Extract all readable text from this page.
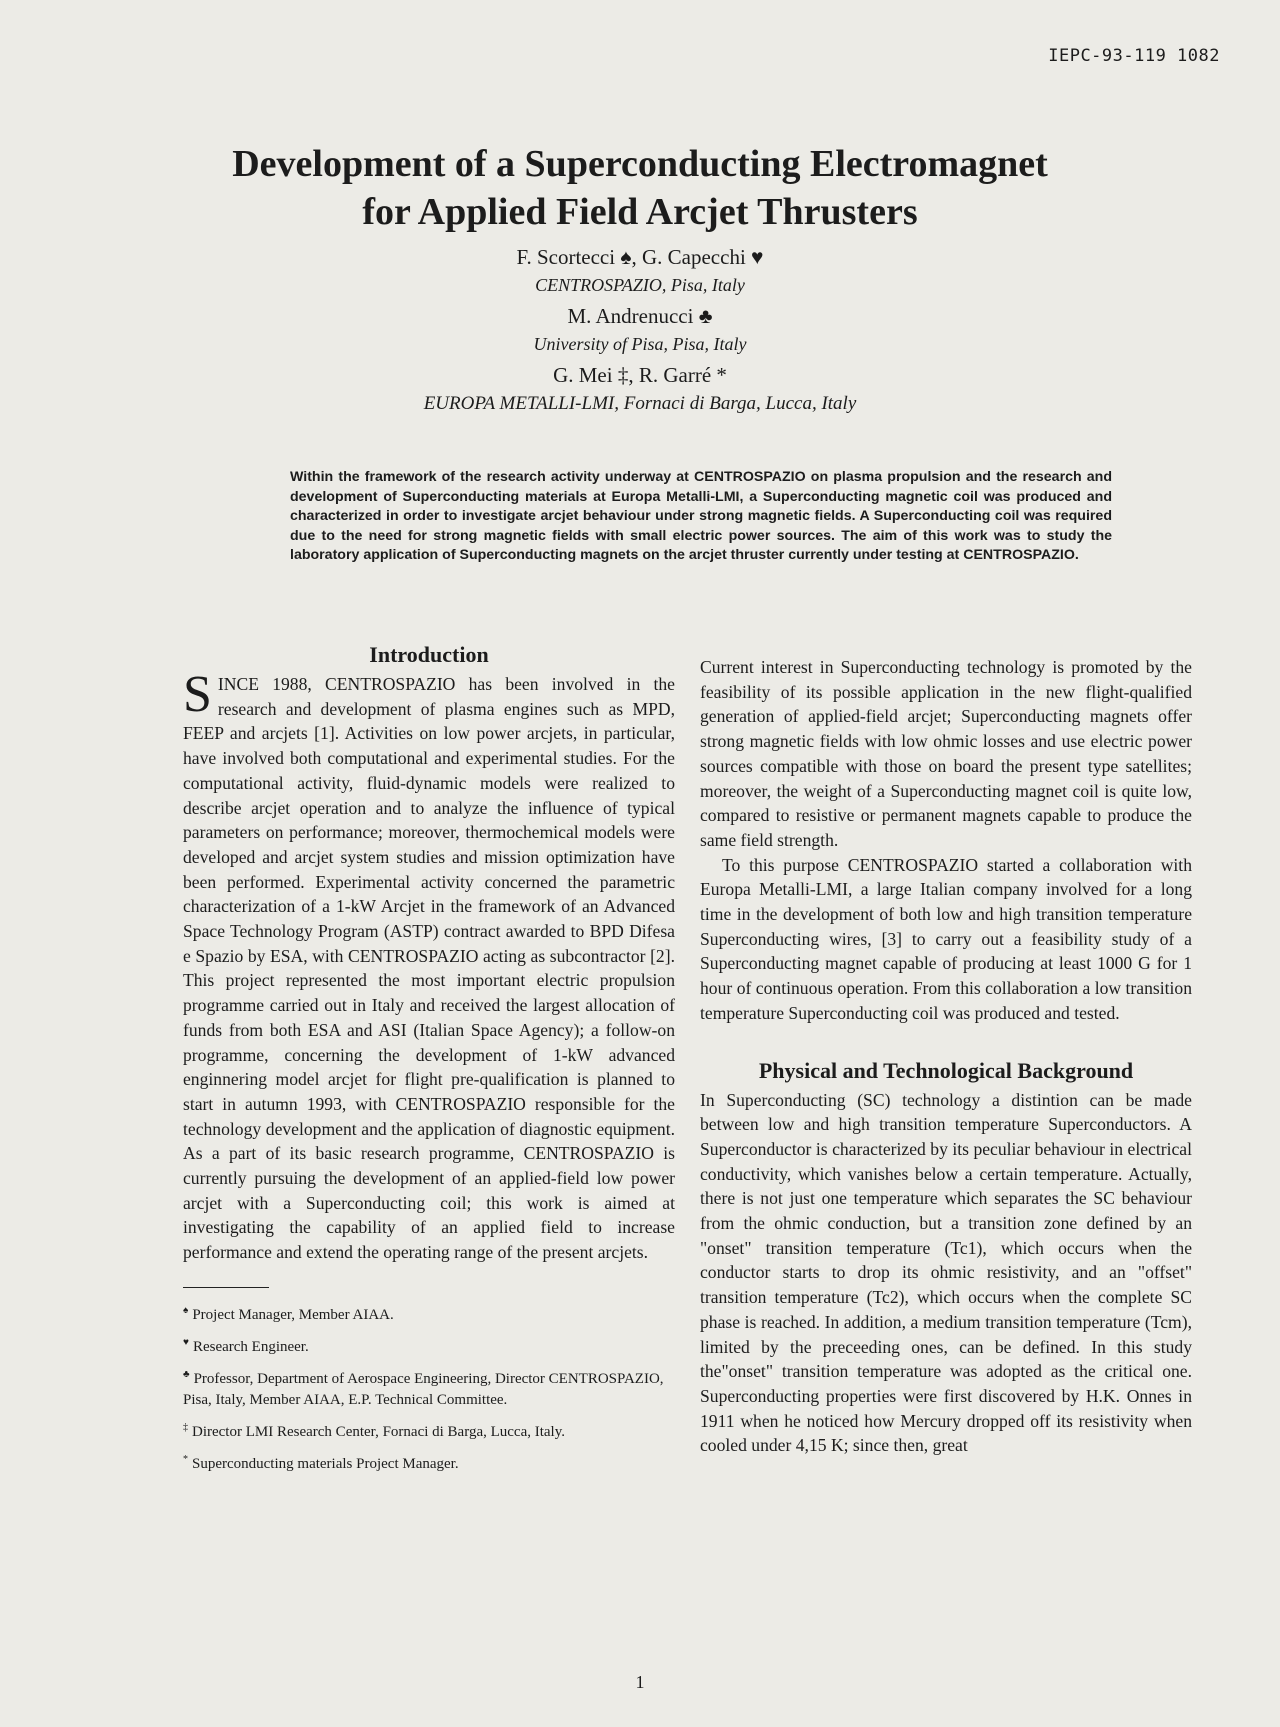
IEPC-93-119 1082
Development of a Superconducting Electromagnet
for Applied Field Arcjet Thrusters
F. Scortecci ♠, G. Capecchi ♥
CENTROSPAZIO, Pisa, Italy
M. Andrenucci ♣
University of Pisa, Pisa, Italy
G. Mei ‡, R. Garré *
EUROPA METALLI-LMI, Fornaci di Barga, Lucca, Italy
Within the framework of the research activity underway at CENTROSPAZIO on plasma propulsion and the research and development of Superconducting materials at Europa Metalli-LMI, a Superconducting magnetic coil was produced and characterized in order to investigate arcjet behaviour under strong magnetic fields. A Superconducting coil was required due to the need for strong magnetic fields with small electric power sources. The aim of this work was to study the laboratory application of Superconducting magnets on the arcjet thruster currently under testing at CENTROSPAZIO.
Introduction

SINCE 1988, CENTROSPAZIO has been involved in the research and development of plasma engines such as MPD, FEEP and arcjets [1]. Activities on low power arcjets, in particular, have involved both computational and experimental studies. For the computational activity, fluid-dynamic models were realized to describe arcjet operation and to analyze the influence of typical parameters on performance; moreover, thermochemical models were developed and arcjet system studies and mission optimization have been performed. Experimental activity concerned the parametric characterization of a 1-kW Arcjet in the framework of an Advanced Space Technology Program (ASTP) contract awarded to BPD Difesa e Spazio by ESA, with CENTROSPAZIO acting as subcontractor [2]. This project represented the most important electric propulsion programme carried out in Italy and received the largest allocation of funds from both ESA and ASI (Italian Space Agency); a follow-on programme, concerning the development of 1-kW advanced enginnering model arcjet for flight pre-qualification is planned to start in autumn 1993, with CENTROSPAZIO responsible for the technology development and the application of diagnostic equipment. As a part of its basic research programme, CENTROSPAZIO is currently pursuing the development of an applied-field low power arcjet with a Superconducting coil; this work is aimed at investigating the capability of an applied field to increase performance and extend the operating range of the present arcjets.

♠ Project Manager, Member AIAA.
♥ Research Engineer.
♣ Professor, Department of Aerospace Engineering, Director CENTROSPAZIO, Pisa, Italy, Member AIAA, E.P. Technical Committee.
‡ Director LMI Research Center, Fornaci di Barga, Lucca, Italy.
* Superconducting materials Project Manager.

Current interest in Superconducting technology is promoted by the feasibility of its possible application in the new flight-qualified generation of applied-field arcjet; Superconducting magnets offer strong magnetic fields with low ohmic losses and use electric power sources compatible with those on board the present type satellites; moreover, the weight of a Superconducting magnet coil is quite low, compared to resistive or permanent magnets capable to produce the same field strength.

To this purpose CENTROSPAZIO started a collaboration with Europa Metalli-LMI, a large Italian company involved for a long time in the development of both low and high transition temperature Superconducting wires, [3] to carry out a feasibility study of a Superconducting magnet capable of producing at least 1000 G for 1 hour of continuous operation. From this collaboration a low transition temperature Superconducting coil was produced and tested.

Physical and Technological Background

In Superconducting (SC) technology a distintion can be made between low and high transition temperature Superconductors. A Superconductor is characterized by its peculiar behaviour in electrical conductivity, which vanishes below a certain temperature. Actually, there is not just one temperature which separates the SC behaviour from the ohmic conduction, but a transition zone defined by an "onset" transition temperature (Tc1), which occurs when the conductor starts to drop its ohmic resistivity, and an "offset" transition temperature (Tc2), which occurs when the complete SC phase is reached. In addition, a medium transition temperature (Tcm), limited by the preceeding ones, can be defined. In this study the"onset" transition temperature was adopted as the critical one. Superconducting properties were first discovered by H.K. Onnes in 1911 when he noticed how Mercury dropped off its resistivity when cooled under 4,15 K; since then, great

1
